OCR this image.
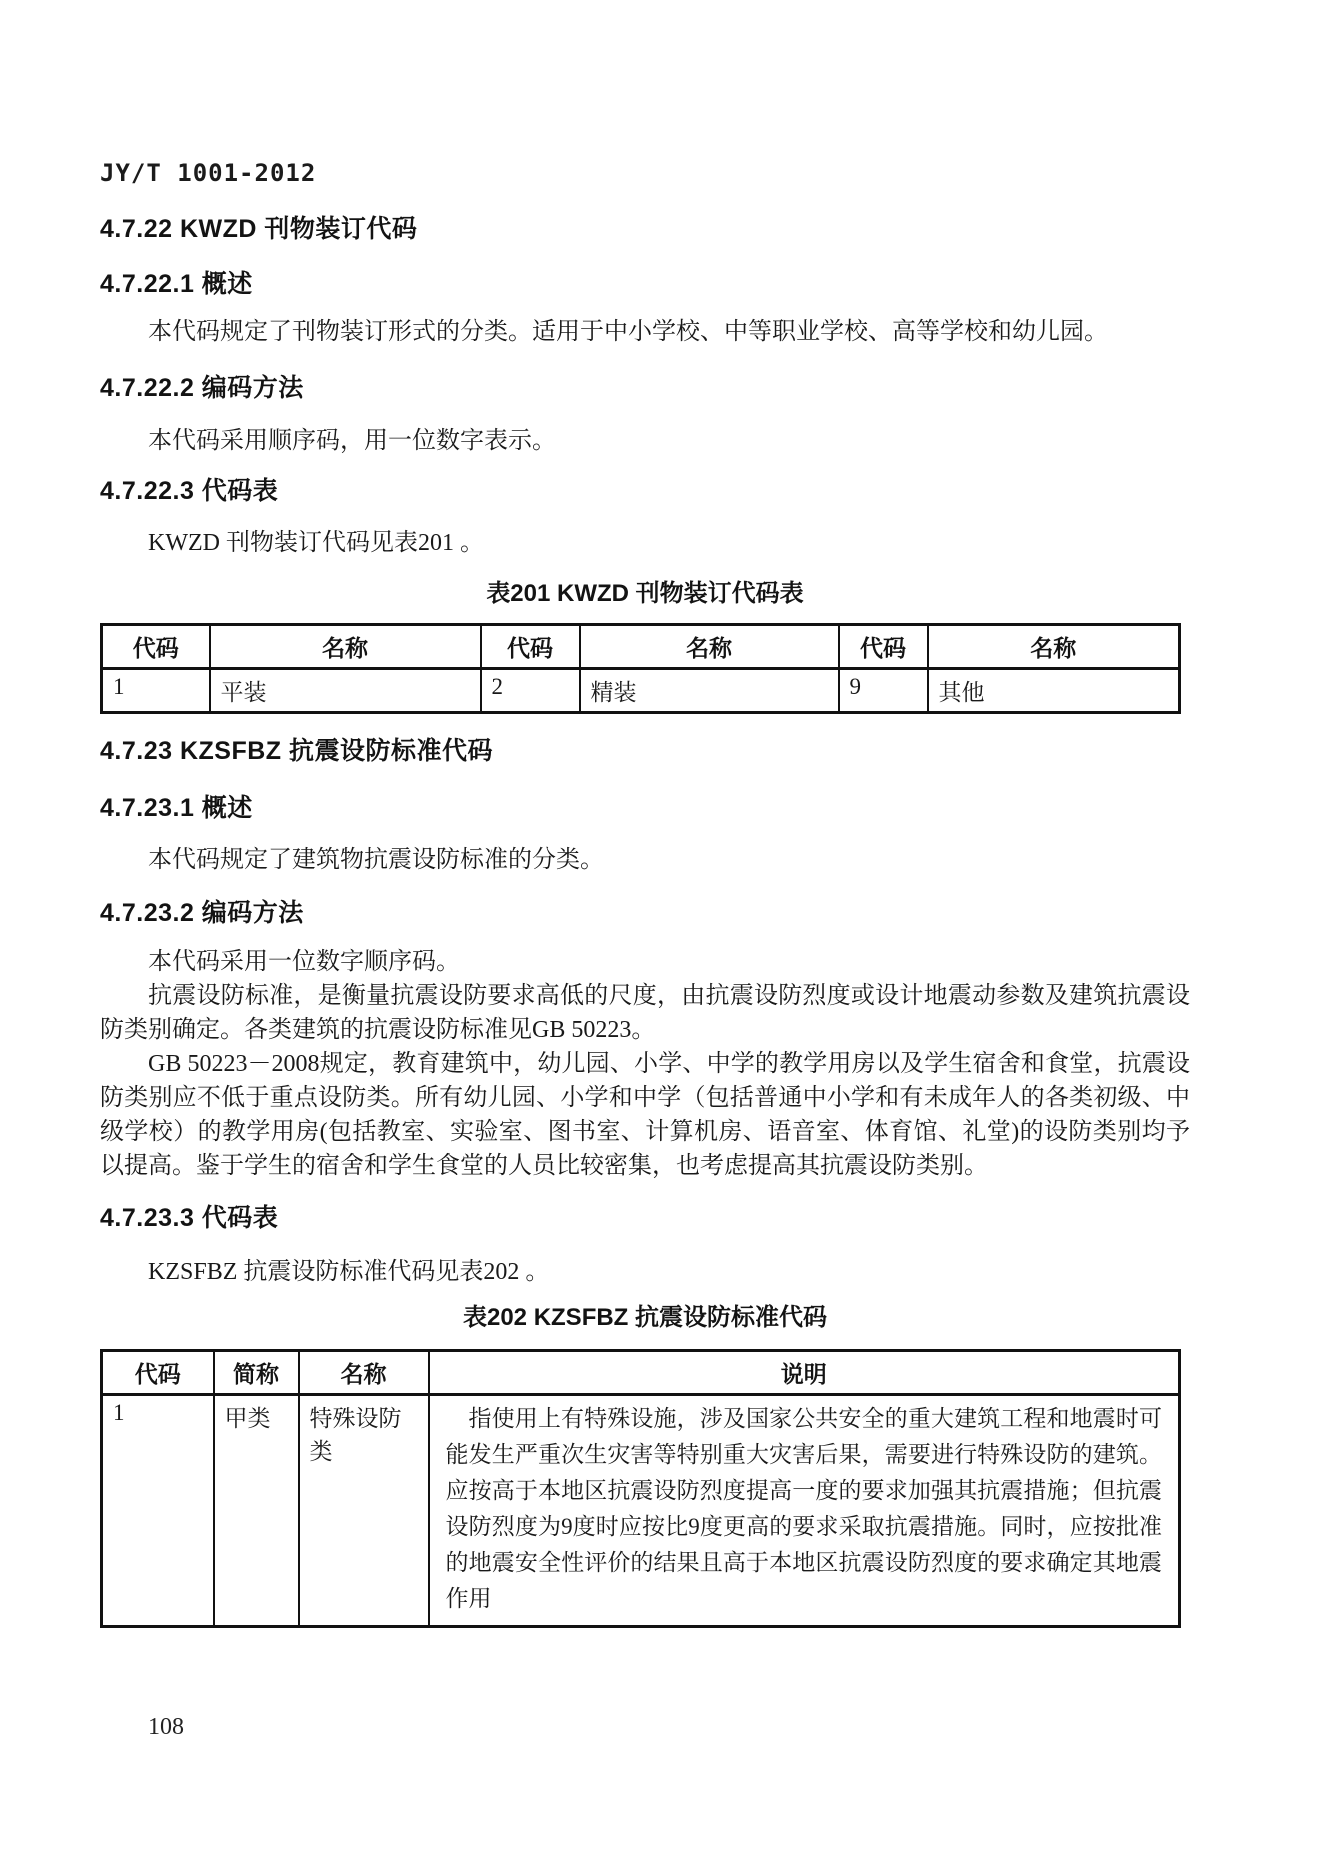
JY/T 1001-2012
4.7.22 KWZD 刊物装订代码
4.7.22.1 概述

本代码规定了刊物装订形式的分类。适用于中小学校、中等职业学校、高等学校和幼儿园。

4.7.22.2 编码方法

本代码采用顺序码，用一位数字表示。

4.7.22.3 代码表

KWZD 刊物装订代码见表201 。

表201 KWZD 刊物装订代码表
代码	名称	代码	名称	代码	名称
1	平装	2	精装	9	其他
4.7.23 KZSFBZ 抗震设防标准代码
4.7.23.1 概述

本代码规定了建筑物抗震设防标准的分类。

4.7.23.2 编码方法

本代码采用一位数字顺序码。

抗震设防标准，是衡量抗震设防要求高低的尺度，由抗震设防烈度或设计地震动参数及建筑抗震设防类别确定。各类建筑的抗震设防标准见GB 50223。

GB 50223－2008规定，教育建筑中，幼儿园、小学、中学的教学用房以及学生宿舍和食堂，抗震设防类别应不低于重点设防类。所有幼儿园、小学和中学（包括普通中小学和有未成年人的各类初级、中级学校）的教学用房(包括教室、实验室、图书室、计算机房、语音室、体育馆、礼堂)的设防类别均予以提高。鉴于学生的宿舍和学生食堂的人员比较密集，也考虑提高其抗震设防类别。

4.7.23.3 代码表

KZSFBZ 抗震设防标准代码见表202 。

表202 KZSFBZ 抗震设防标准代码
代码	简称	名称	说明
1	甲类	特殊设防类	指使用上有特殊设施，涉及国家公共安全的重大建筑工程和地震时可能发生严重次生灾害等特别重大灾害后果，需要进行特殊设防的建筑。应按高于本地区抗震设防烈度提高一度的要求加强其抗震措施；但抗震设防烈度为9度时应按比9度更高的要求采取抗震措施。同时，应按批准的地震安全性评价的结果且高于本地区抗震设防烈度的要求确定其地震作用
108
